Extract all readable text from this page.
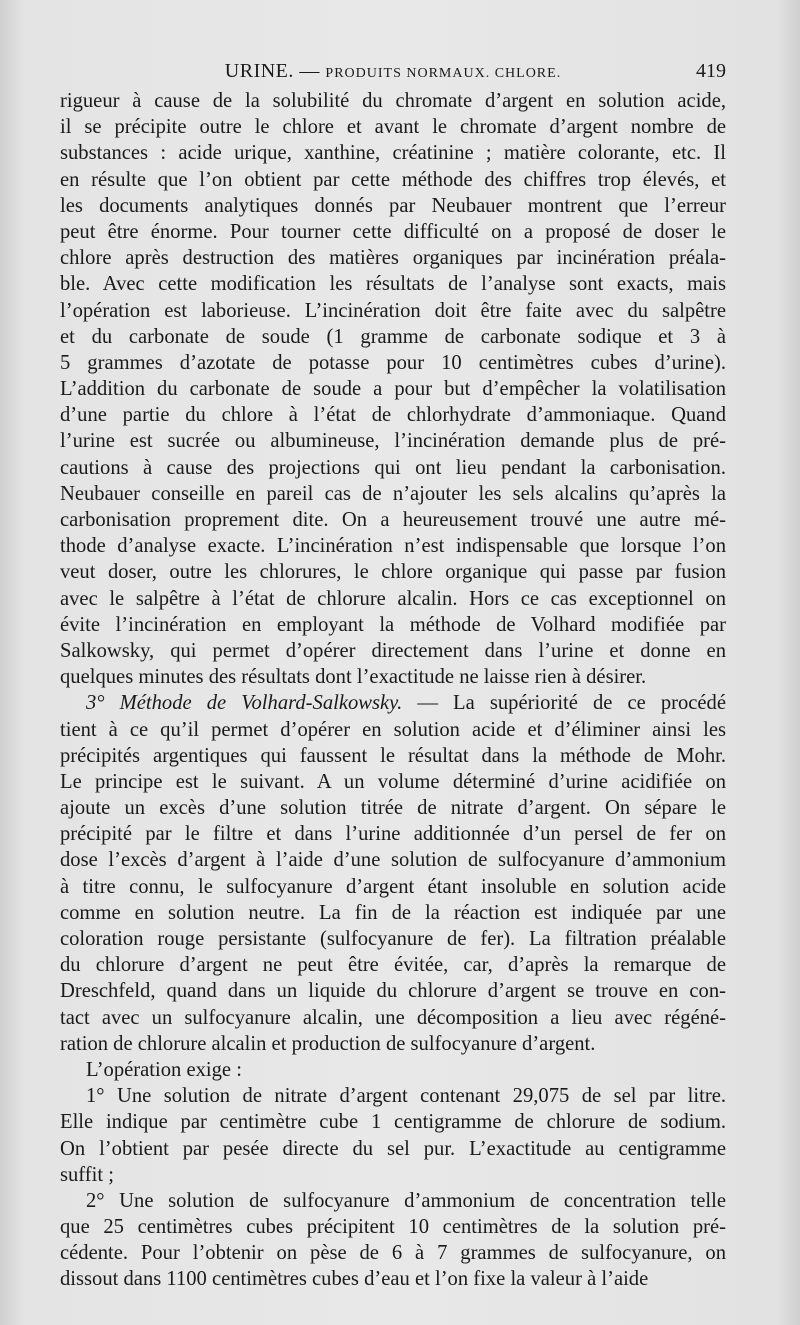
URINE. — PRODUITS NORMAUX. CHLORE.	419
rigueur à cause de la solubilité du chromate d’argent en solution acide,
il se précipite outre le chlore et avant le chromate d’argent nombre de
substances : acide urique, xanthine, créatinine ; matière colorante, etc. Il
en résulte que l’on obtient par cette méthode des chiffres trop élevés, et
les documents analytiques donnés par Neubauer montrent que l’erreur
peut être énorme. Pour tourner cette difficulté on a proposé de doser le
chlore après destruction des matières organiques par incinération préala-
ble. Avec cette modification les résultats de l’analyse sont exacts, mais
l’opération est laborieuse. L’incinération doit être faite avec du salpêtre
et du carbonate de soude (1 gramme de carbonate sodique et 3 à
5 grammes d’azotate de potasse pour 10 centimètres cubes d’urine).
L’addition du carbonate de soude a pour but d’empêcher la volatilisation
d’une partie du chlore à l’état de chlorhydrate d’ammoniaque. Quand
l’urine est sucrée ou albumineuse, l’incinération demande plus de pré-
cautions à cause des projections qui ont lieu pendant la carbonisation.
Neubauer conseille en pareil cas de n’ajouter les sels alcalins qu’après la
carbonisation proprement dite. On a heureusement trouvé une autre mé-
thode d’analyse exacte. L’incinération n’est indispensable que lorsque l’on
veut doser, outre les chlorures, le chlore organique qui passe par fusion
avec le salpêtre à l’état de chlorure alcalin. Hors ce cas exceptionnel on
évite l’incinération en employant la méthode de Volhard modifiée par
Salkowsky, qui permet d’opérer directement dans l’urine et donne en
quelques minutes des résultats dont l’exactitude ne laisse rien à désirer.
3° Méthode de Volhard-Salkowsky. — La supériorité de ce procédé
tient à ce qu’il permet d’opérer en solution acide et d’éliminer ainsi les
précipités argentiques qui faussent le résultat dans la méthode de Mohr.
Le principe est le suivant. A un volume déterminé d’urine acidifiée on
ajoute un excès d’une solution titrée de nitrate d’argent. On sépare le
précipité par le filtre et dans l’urine additionnée d’un persel de fer on
dose l’excès d’argent à l’aide d’une solution de sulfocyanure d’ammonium
à titre connu, le sulfocyanure d’argent étant insoluble en solution acide
comme en solution neutre. La fin de la réaction est indiquée par une
coloration rouge persistante (sulfocyanure de fer). La filtration préalable
du chlorure d’argent ne peut être évitée, car, d’après la remarque de
Dreschfeld, quand dans un liquide du chlorure d’argent se trouve en con-
tact avec un sulfocyanure alcalin, une décomposition a lieu avec régéné-
ration de chlorure alcalin et production de sulfocyanure d’argent.
L’opération exige :
1° Une solution de nitrate d’argent contenant 29,075 de sel par litre.
Elle indique par centimètre cube 1 centigramme de chlorure de sodium.
On l’obtient par pesée directe du sel pur. L’exactitude au centigramme
suffit ;
2° Une solution de sulfocyanure d’ammonium de concentration telle
que 25 centimètres cubes précipitent 10 centimètres de la solution pré-
cédente. Pour l’obtenir on pèse de 6 à 7 grammes de sulfocyanure, on
dissout dans 1100 centimètres cubes d’eau et l’on fixe la valeur à l’aide
